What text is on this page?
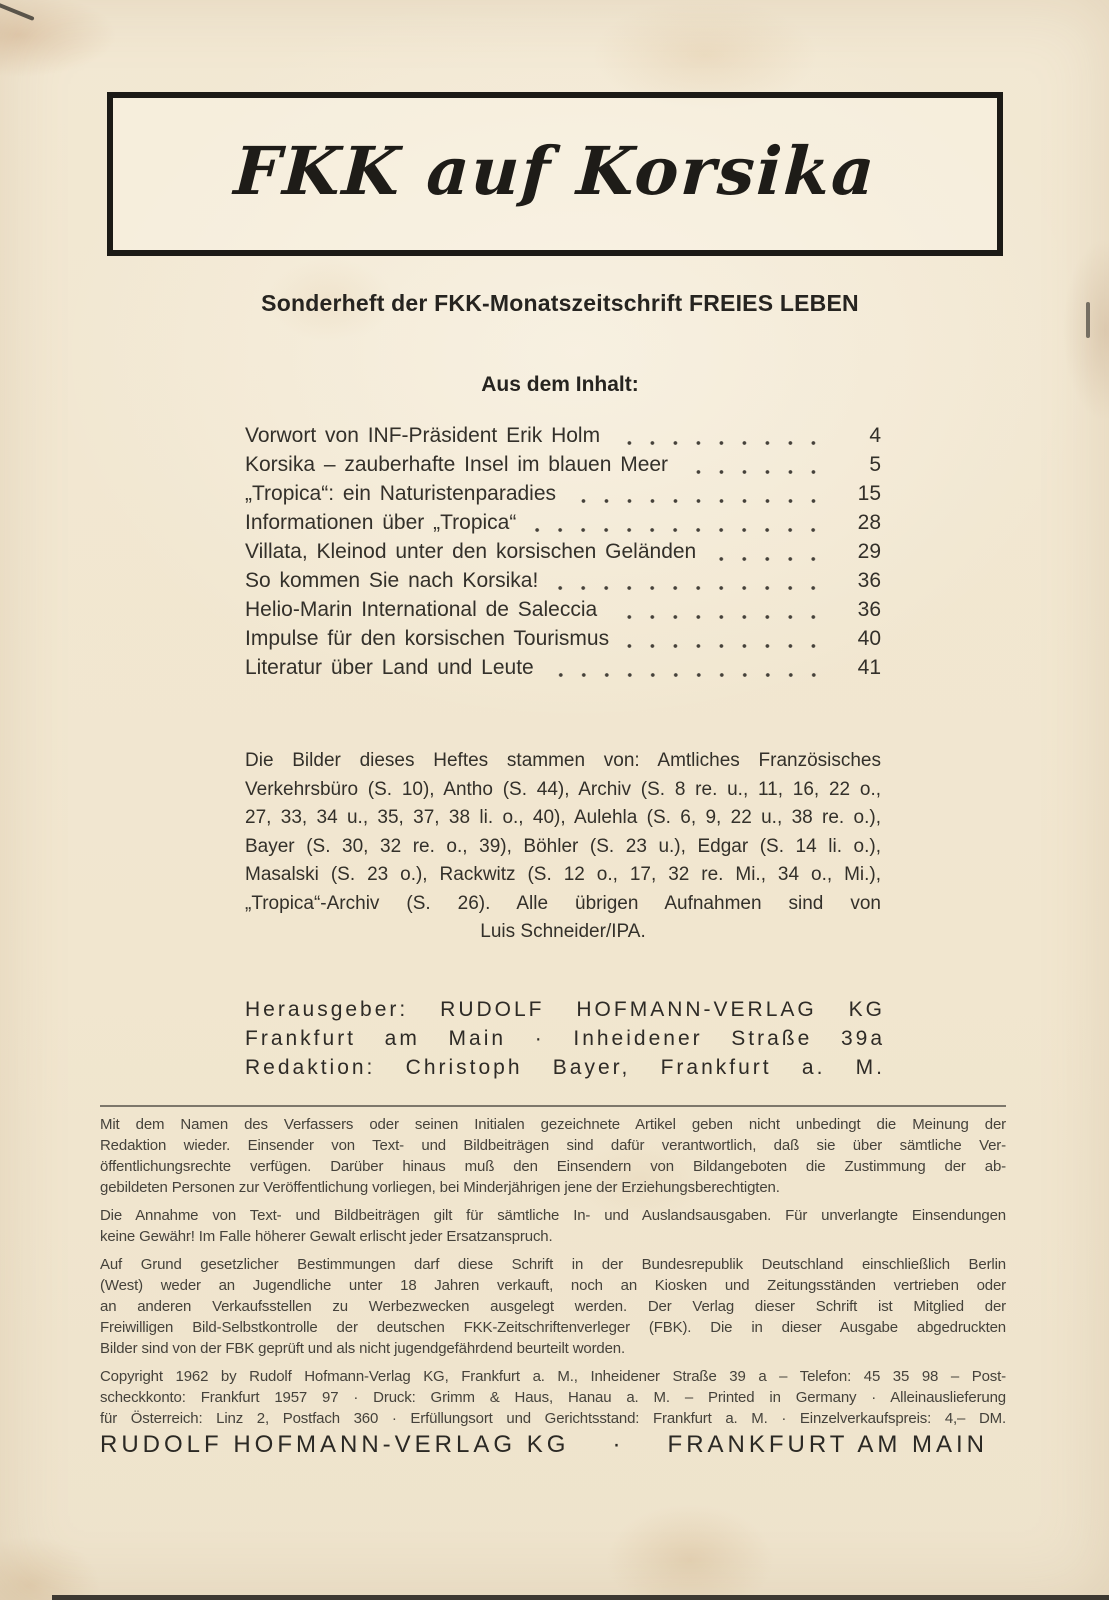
FKK auf Korsika
Sonderheft der FKK-Monatszeitschrift FREIES LEBEN
Aus dem Inhalt:
Vorwort von INF-Präsident Erik Holm	4
Korsika – zauberhafte Insel im blauen Meer	5
„Tropica“: ein Naturistenparadies	15
Informationen über „Tropica“	28
Villata, Kleinod unter den korsischen Geländen	29
So kommen Sie nach Korsika!	36
Helio-Marin International de Saleccia	36
Impulse für den korsischen Tourismus	40
Literatur über Land und Leute	41
Die Bilder dieses Heftes stammen von: Amtliches Französisches
Verkehrsbüro (S. 10), Antho (S. 44), Archiv (S. 8 re. u., 11, 16, 22 o.,
27, 33, 34 u., 35, 37, 38 li. o., 40), Aulehla (S. 6, 9, 22 u., 38 re. o.),
Bayer (S. 30, 32 re. o., 39), Böhler (S. 23 u.), Edgar (S. 14 li. o.),
Masalski (S. 23 o.), Rackwitz (S. 12 o., 17, 32 re. Mi., 34 o., Mi.),
„Tropica“-Archiv (S. 26). Alle übrigen Aufnahmen sind von
Luis Schneider/IPA.
Herausgeber: RUDOLF HOFMANN-VERLAG KG
Frankfurt am Main · Inheidener Straße 39a
Redaktion: Christoph Bayer, Frankfurt a. M.
Mit dem Namen des Verfassers oder seinen Initialen gezeichnete Artikel geben nicht unbedingt die Meinung der
Redaktion wieder. Einsender von Text- und Bildbeiträgen sind dafür verantwortlich, daß sie über sämtliche Ver-
öffentlichungsrechte verfügen. Darüber hinaus muß den Einsendern von Bildangeboten die Zustimmung der ab-
gebildeten Personen zur Veröffentlichung vorliegen, bei Minderjährigen jene der Erziehungsberechtigten.
Die Annahme von Text- und Bildbeiträgen gilt für sämtliche In- und Auslandsausgaben. Für unverlangte Einsendungen
keine Gewähr! Im Falle höherer Gewalt erlischt jeder Ersatzanspruch.
Auf Grund gesetzlicher Bestimmungen darf diese Schrift in der Bundesrepublik Deutschland einschließlich Berlin
(West) weder an Jugendliche unter 18 Jahren verkauft, noch an Kiosken und Zeitungsständen vertrieben oder
an anderen Verkaufsstellen zu Werbezwecken ausgelegt werden. Der Verlag dieser Schrift ist Mitglied der
Freiwilligen Bild-Selbstkontrolle der deutschen FKK-Zeitschriftenverleger (FBK). Die in dieser Ausgabe abgedruckten
Bilder sind von der FBK geprüft und als nicht jugendgefährdend beurteilt worden.
Copyright 1962 by Rudolf Hofmann-Verlag KG, Frankfurt a. M., Inheidener Straße 39 a – Telefon: 45 35 98 – Post-
scheckkonto: Frankfurt 1957 97 · Druck: Grimm & Haus, Hanau a. M. – Printed in Germany · Alleinauslieferung
für Österreich: Linz 2, Postfach 360 · Erfüllungsort und Gerichtsstand: Frankfurt a. M. · Einzelverkaufspreis: 4,– DM.
RUDOLF HOFMANN-VERLAG KG · FRANKFURT AM MAIN
